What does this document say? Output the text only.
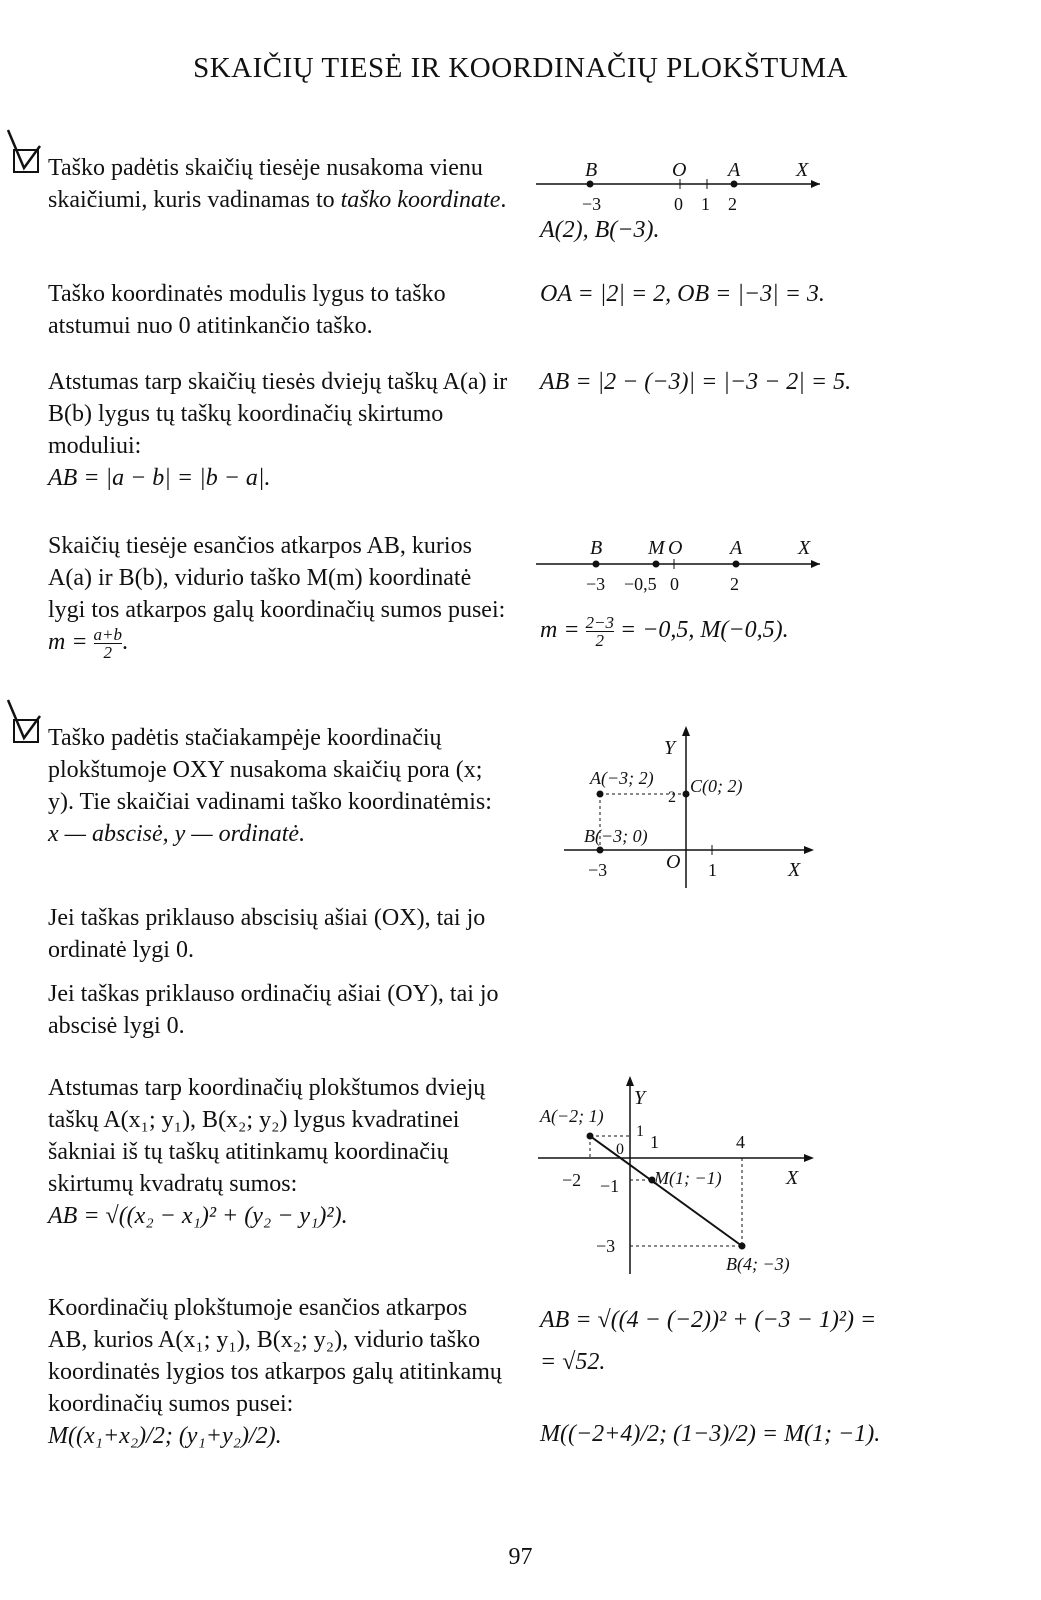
SKAIČIŲ TIESĖ IR KOORDINAČIŲ PLOKŠTUMA
Taško padėtis skaičių tiesėje nusakoma vienu skaičiumi, kuris vadinamas to taško koordinate.
B	O A	X
−3	0 1 2
A(2), B(−3).
Taško koordinatės modulis lygus to taško atstumui nuo 0 atitinkančio taško.
OA = |2| = 2, OB = |−3| = 3.
Atstumas tarp skaičių tiesės dviejų taškų A(a) ir B(b) lygus tų taškų koordinačių skirtumo moduliui:
AB = |a − b| = |b − a|.
AB = |2 − (−3)| = |−3 − 2| = 5.
Skaičių tiesėje esančios atkarpos AB, kurios A(a) ir B(b), vidurio taško M(m) koordinatė lygi tos atkarpos galų koordinačių sumos pusei:
$m = \frac{a+b}{2}$ .
B M O A	X
−3 −0,5 0	2
$m = \frac{2-3}{2} = -0,5$, M(−0,5).
Taško padėtis stačiakampėje koordinačių plokštumoje OXY nusakoma skaičių pora (x; y). Tie skaičiai vadinami taško koordinatėmis:
x — abscisė, y — ordinatė.
Y
A(−3; 2)
2
C(0; 2)
B(−3; 0)
O
−3	1	X
Jei taškas priklauso abscisių ašiai (OX), tai jo ordinatė lygi 0.
Jei taškas priklauso ordinačių ašiai (OY), tai jo abscisė lygi 0.
Atstumas tarp koordinačių plokštumos dviejų taškų A(x₁; y₁), B(x₂; y₂) lygus kvadratinei šakniai iš tų taškų atitinkamų koordinačių skirtumų kvadratų sumos:
AB = √((x₂ − x₁)² + (y₂ − y₁)²).
Y
A(−2; 1)
1
0 1	4
−2 −1 M(1; −1)	X
−3
B(4; −3)
Koordinačių plokštumoje esančios atkarpos AB, kurios A(x₁; y₁), B(x₂; y₂), vidurio taško koordinatės lygios tos atkarpos galų atitinkamų koordinačių sumos pusei:
M((x₁+x₂)/2; (y₁+y₂)/2).
AB = √((4 − (−2))² + (−3 − 1)²) =
= √52.
M((−2+4)/2; (1−3)/2) = M(1; −1).
97
